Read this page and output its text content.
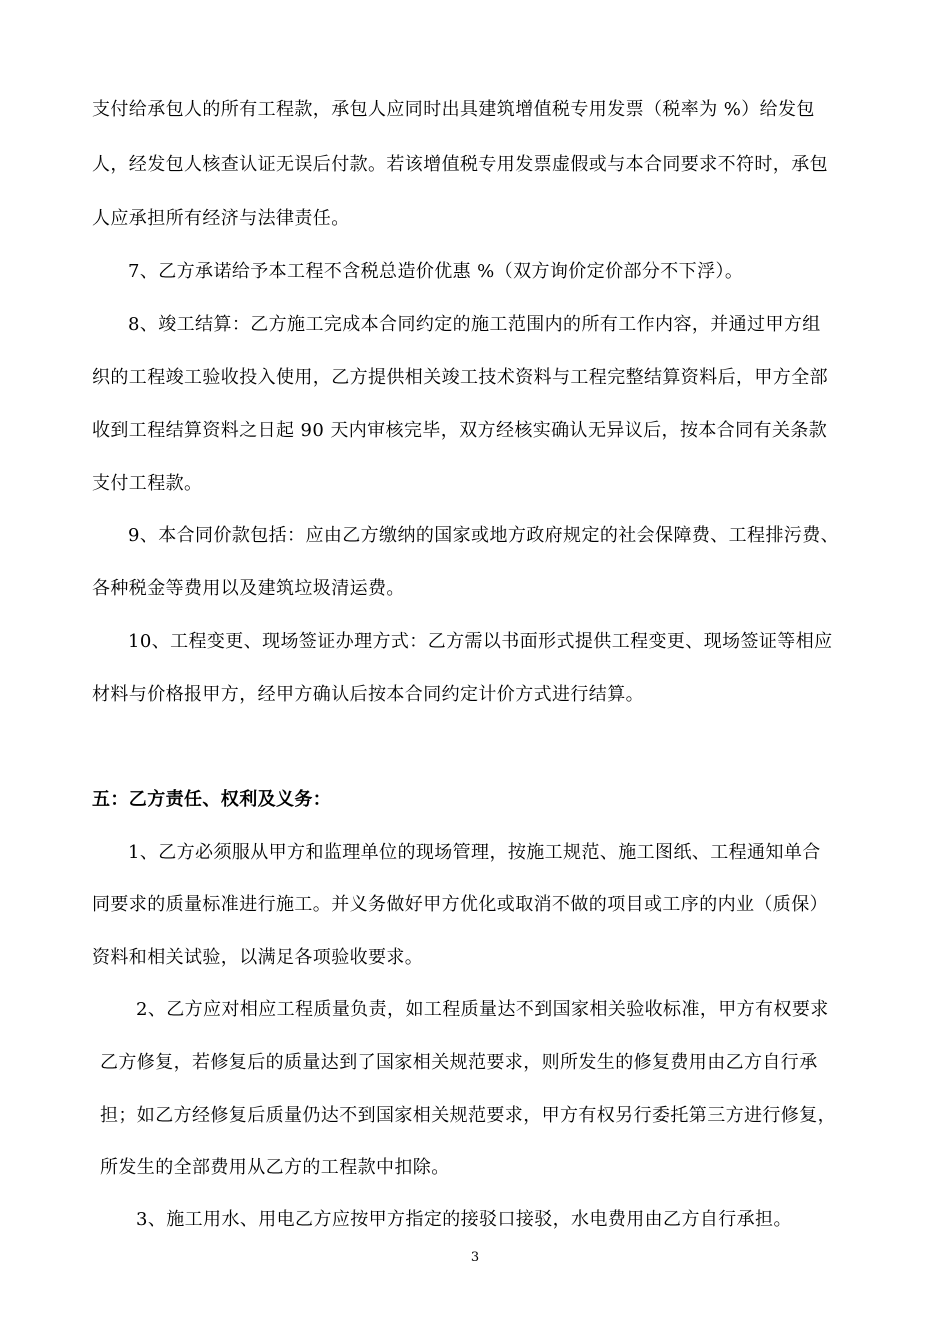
支付给承包人的所有工程款，承包人应同时出具建筑增值税专用发票（税率为 %）给发包
人，经发包人核查认证无误后付款。若该增值税专用发票虚假或与本合同要求不符时，承包
人应承担所有经济与法律责任。
7、乙方承诺给予本工程不含税总造价优惠 %（双方询价定价部分不下浮）。
8、竣工结算：乙方施工完成本合同约定的施工范围内的所有工作内容，并通过甲方组
织的工程竣工验收投入使用，乙方提供相关竣工技术资料与工程完整结算资料后，甲方全部
收到工程结算资料之日起 90 天内审核完毕，双方经核实确认无异议后，按本合同有关条款
支付工程款。
9、本合同价款包括：应由乙方缴纳的国家或地方政府规定的社会保障费、工程排污费、
各种税金等费用以及建筑垃圾清运费。
10、工程变更、现场签证办理方式：乙方需以书面形式提供工程变更、现场签证等相应
材料与价格报甲方，经甲方确认后按本合同约定计价方式进行结算。
五：乙方责任、权利及义务：
1、乙方必须服从甲方和监理单位的现场管理，按施工规范、施工图纸、工程通知单合
同要求的质量标准进行施工。并义务做好甲方优化或取消不做的项目或工序的内业（质保）
资料和相关试验，以满足各项验收要求。
2、乙方应对相应工程质量负责，如工程质量达不到国家相关验收标准，甲方有权要求
乙方修复，若修复后的质量达到了国家相关规范要求，则所发生的修复费用由乙方自行承
担；如乙方经修复后质量仍达不到国家相关规范要求，甲方有权另行委托第三方进行修复，
所发生的全部费用从乙方的工程款中扣除。
3、施工用水、用电乙方应按甲方指定的接驳口接驳，水电费用由乙方自行承担。
3
